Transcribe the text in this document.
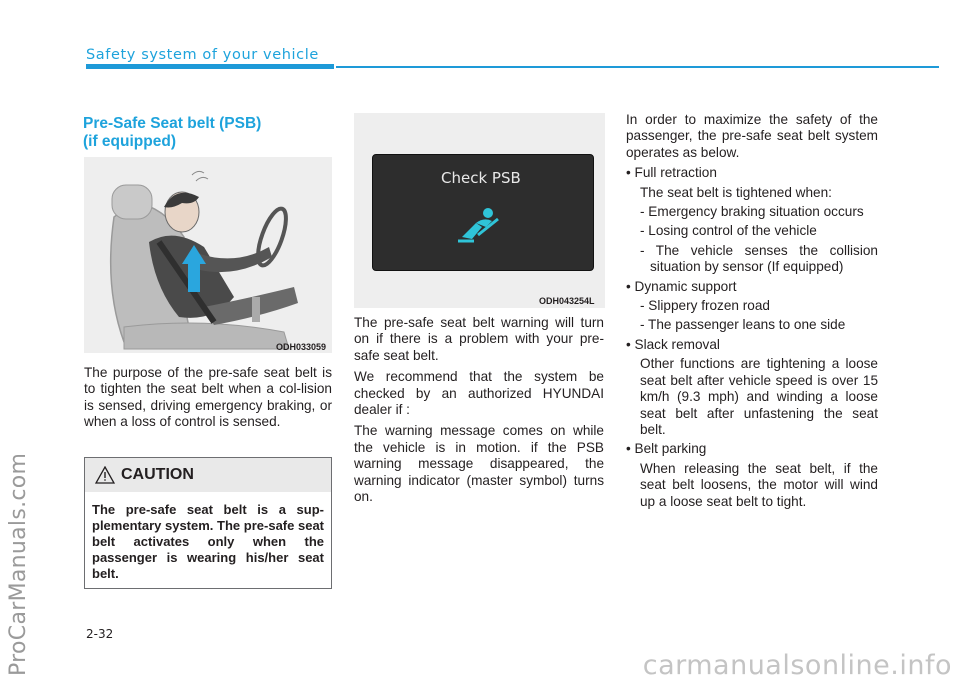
ProCarManuals.com
Safety system of your vehicle
Pre-Safe Seat belt (PSB)
(if equipped)
ODH033059

The purpose of the pre-safe seat belt is to tighten the seat belt when a col-lision is sensed, driving emergency braking, or when a loss of control is sensed.

CAUTION
The pre-safe seat belt is a sup-plementary system. The pre-safe seat belt activates only when the passenger is wearing his/her seat belt.
Check PSB
ODH043254L

The pre-safe seat belt warning will turn on if there is a problem with your pre-safe seat belt.

We recommend that the system be checked by an authorized HYUNDAI dealer if :

The warning message comes on while the vehicle is in motion. if the PSB warning message disappeared, the warning indicator (master symbol) turns on.

In order to maximize the safety of the passenger, the pre-safe seat belt system operates as below.
• Full retraction
The seat belt is tightened when:
- Emergency braking situation occurs
- Losing control of the vehicle
- The vehicle senses the collision situation by sensor (If equipped)
• Dynamic support
- Slippery frozen road
- The passenger leans to one side
• Slack removal
Other functions are tightening a loose seat belt after vehicle speed is over 15 km/h (9.3 mph) and winding a loose seat belt after unfastening the seat belt.
• Belt parking
When releasing the seat belt, if the seat belt loosens, the motor will wind up a loose seat belt to tight.
2-32
carmanualsonline.info
